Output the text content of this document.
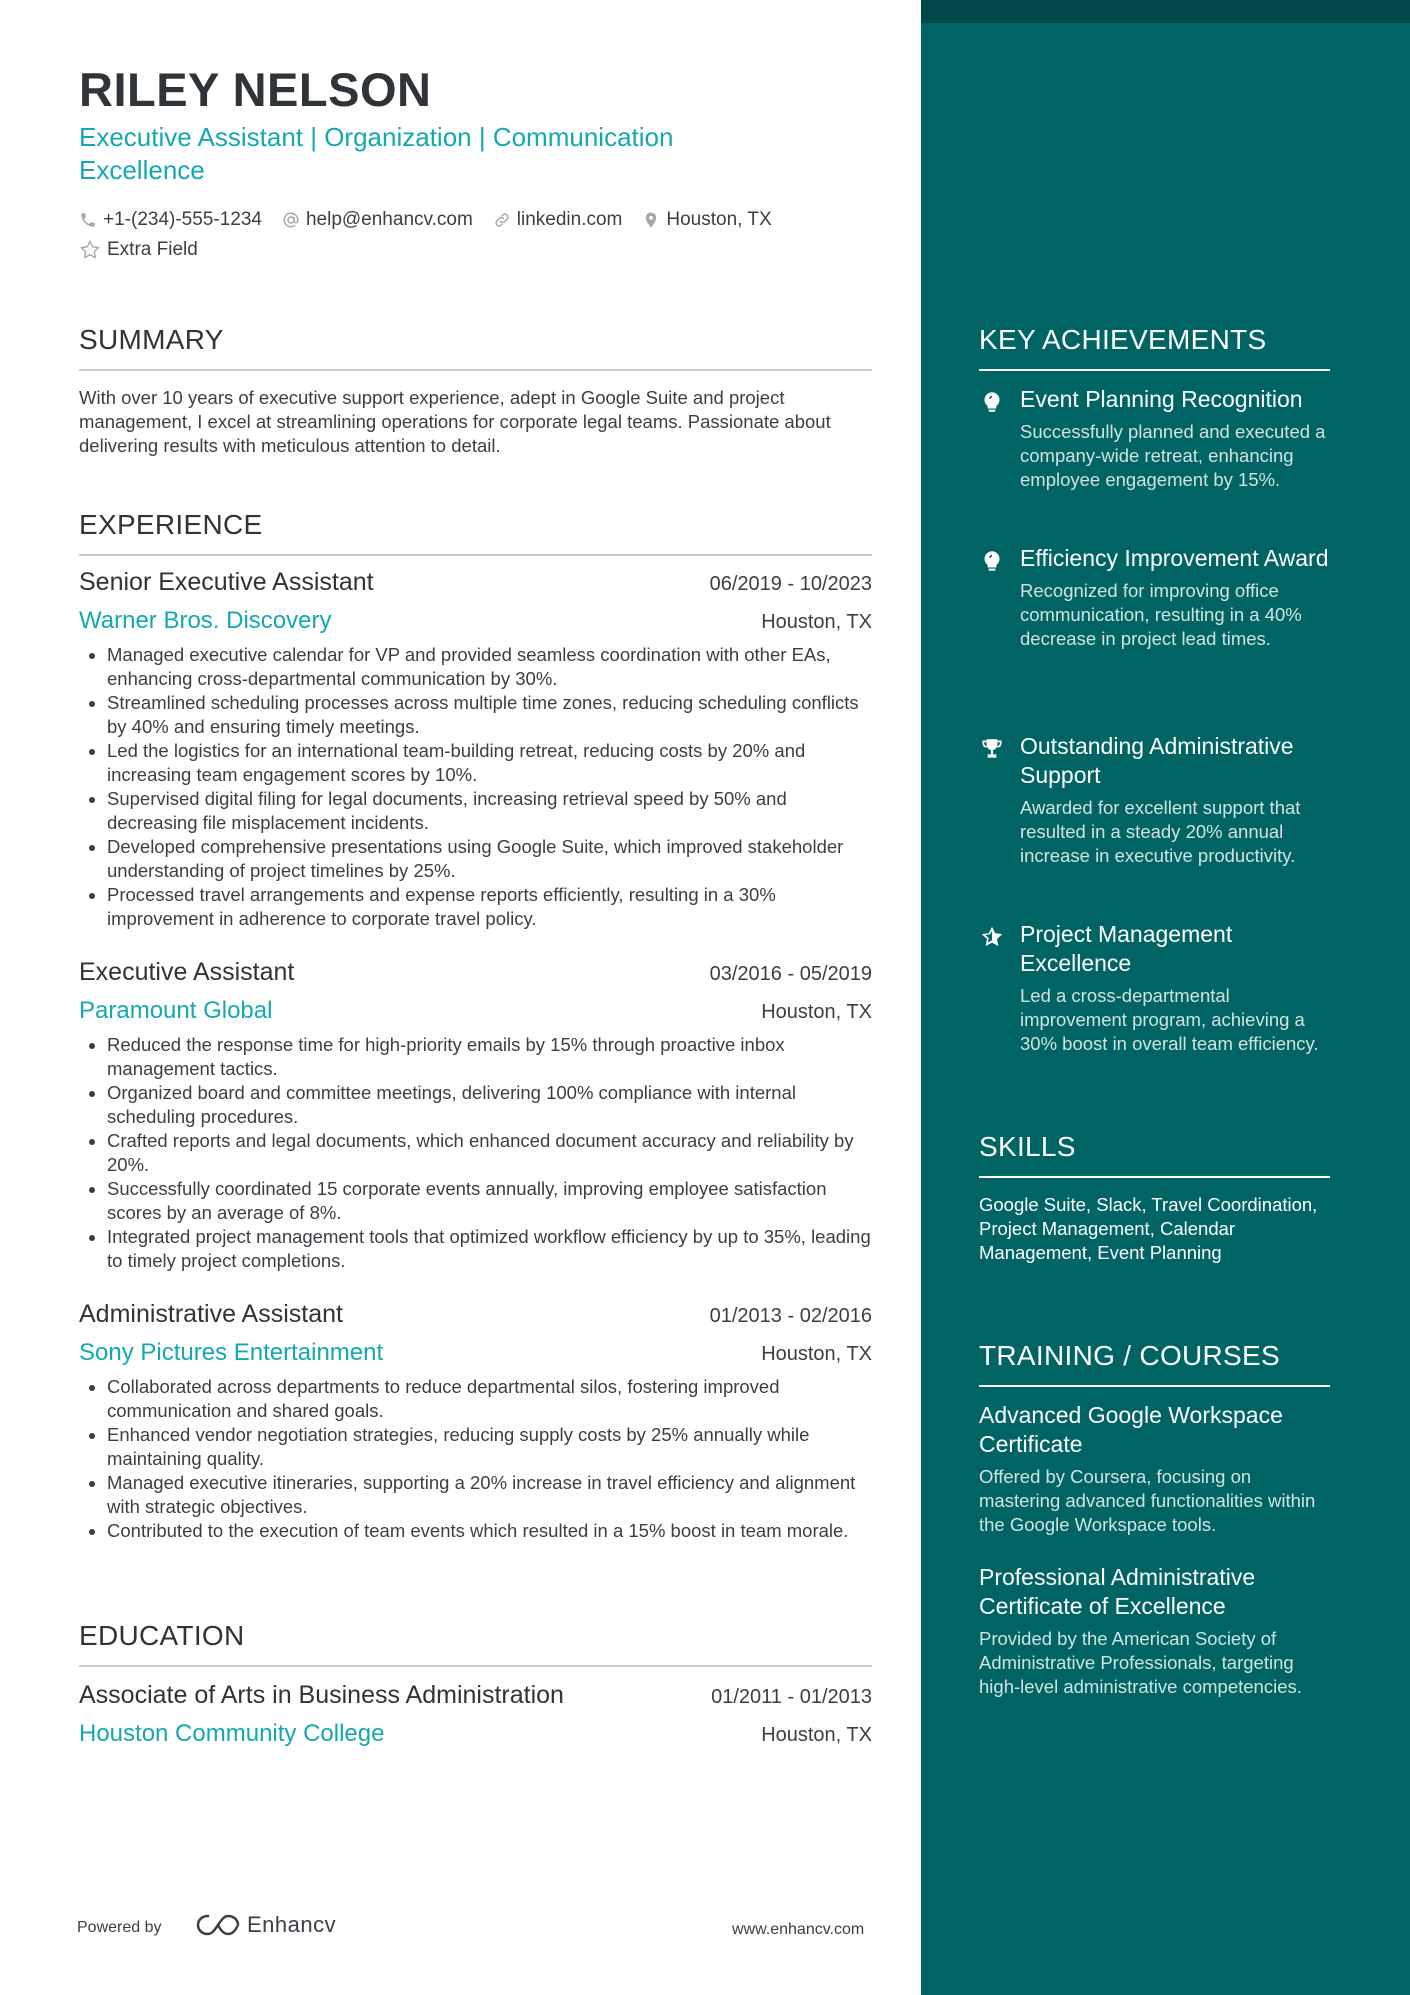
RILEY NELSON
Executive Assistant | Organization | Communication Excellence
+1-(234)-555-1234 help@enhancv.com linkedin.com Houston, TX
Extra Field
SUMMARY
With over 10 years of executive support experience, adept in Google Suite and project management, I excel at streamlining operations for corporate legal teams. Passionate about delivering results with meticulous attention to detail.
EXPERIENCE
Senior Executive Assistant	06/2019 - 10/2023
Warner Bros. Discovery	Houston, TX
• Managed executive calendar for VP and provided seamless coordination with other EAs, enhancing cross-departmental communication by 30%.
• Streamlined scheduling processes across multiple time zones, reducing scheduling conflicts by 40% and ensuring timely meetings.
• Led the logistics for an international team-building retreat, reducing costs by 20% and increasing team engagement scores by 10%.
• Supervised digital filing for legal documents, increasing retrieval speed by 50% and decreasing file misplacement incidents.
• Developed comprehensive presentations using Google Suite, which improved stakeholder understanding of project timelines by 25%.
• Processed travel arrangements and expense reports efficiently, resulting in a 30% improvement in adherence to corporate travel policy.
Executive Assistant	03/2016 - 05/2019
Paramount Global	Houston, TX
• Reduced the response time for high-priority emails by 15% through proactive inbox management tactics.
• Organized board and committee meetings, delivering 100% compliance with internal scheduling procedures.
• Crafted reports and legal documents, which enhanced document accuracy and reliability by 20%.
• Successfully coordinated 15 corporate events annually, improving employee satisfaction scores by an average of 8%.
• Integrated project management tools that optimized workflow efficiency by up to 35%, leading to timely project completions.
Administrative Assistant	01/2013 - 02/2016
Sony Pictures Entertainment	Houston, TX
• Collaborated across departments to reduce departmental silos, fostering improved communication and shared goals.
• Enhanced vendor negotiation strategies, reducing supply costs by 25% annually while maintaining quality.
• Managed executive itineraries, supporting a 20% increase in travel efficiency and alignment with strategic objectives.
• Contributed to the execution of team events which resulted in a 15% boost in team morale.
EDUCATION
Associate of Arts in Business Administration	01/2011 - 01/2013
Houston Community College	Houston, TX
Powered by	Enhancv	www.enhancv.com
KEY ACHIEVEMENTS
Event Planning Recognition
Successfully planned and executed a company-wide retreat, enhancing employee engagement by 15%.
Efficiency Improvement Award
Recognized for improving office communication, resulting in a 40% decrease in project lead times.
Outstanding Administrative Support
Awarded for excellent support that resulted in a steady 20% annual increase in executive productivity.
Project Management Excellence
Led a cross-departmental improvement program, achieving a 30% boost in overall team efficiency.
SKILLS
Google Suite, Slack, Travel Coordination, Project Management, Calendar Management, Event Planning
TRAINING / COURSES
Advanced Google Workspace Certificate
Offered by Coursera, focusing on mastering advanced functionalities within the Google Workspace tools.
Professional Administrative Certificate of Excellence
Provided by the American Society of Administrative Professionals, targeting high-level administrative competencies.
